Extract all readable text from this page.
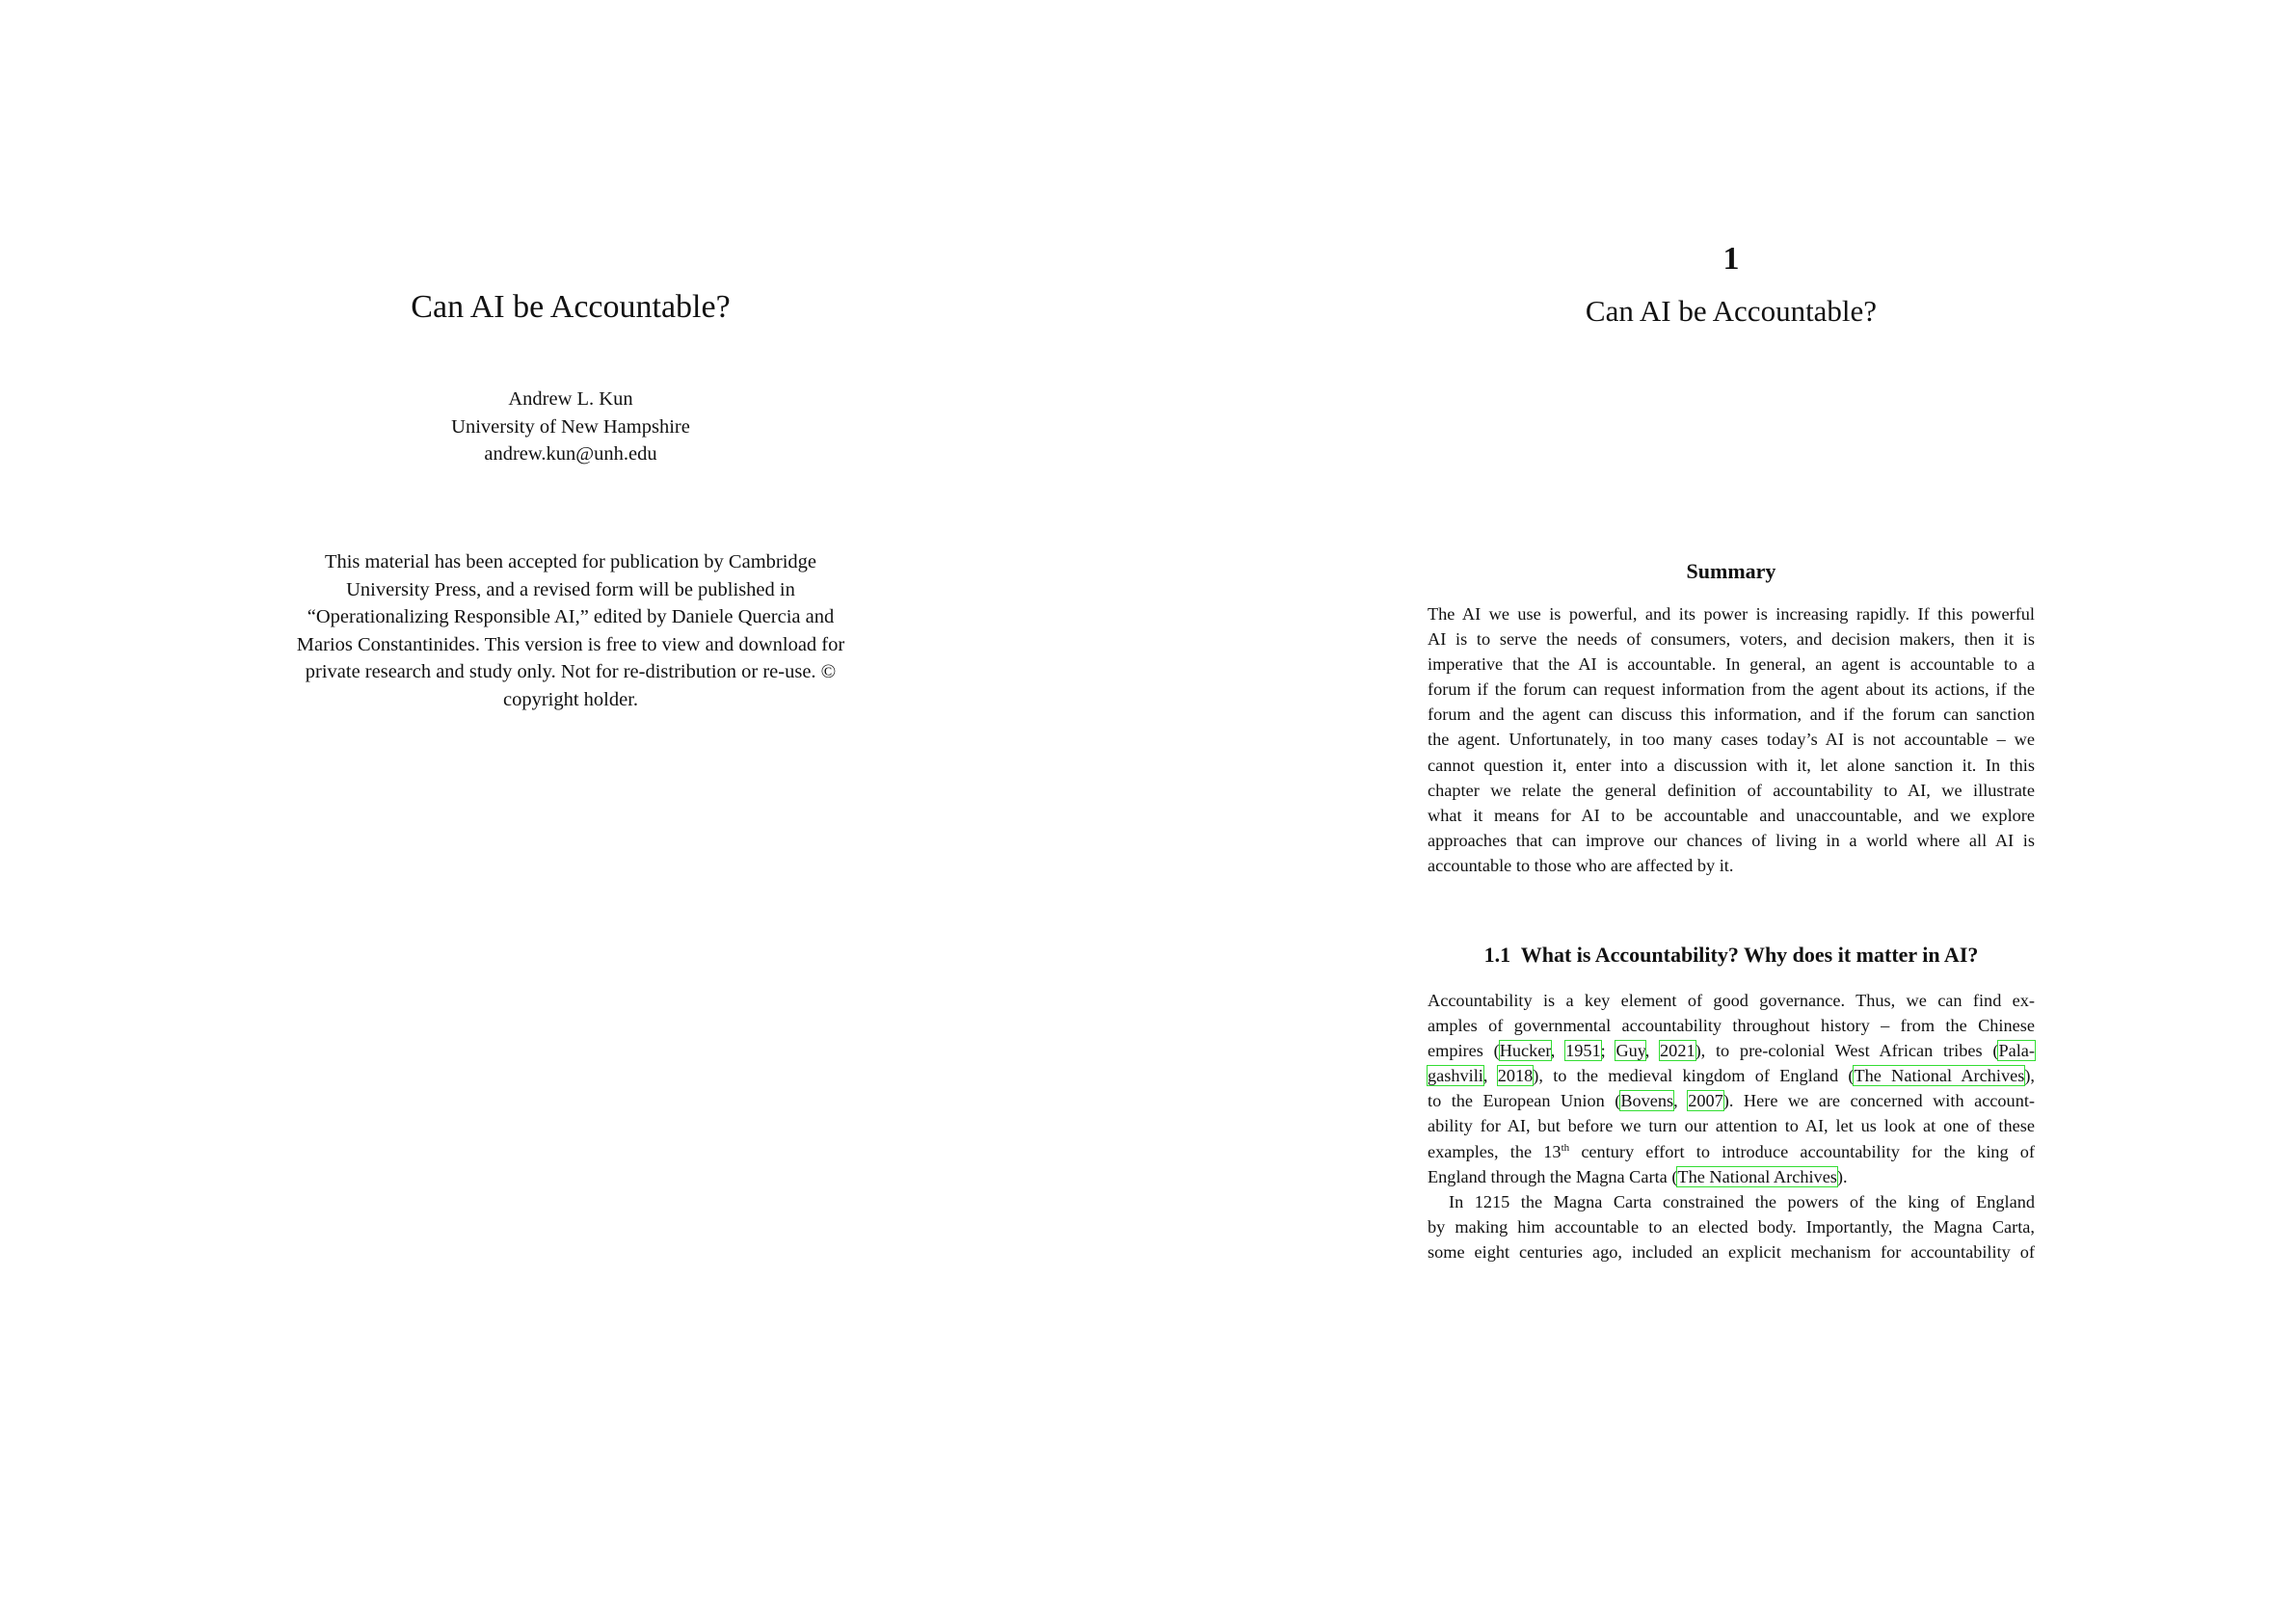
Can AI be Accountable?
Andrew L. Kun
University of New Hampshire
andrew.kun@unh.edu
This material has been accepted for publication by Cambridge
University Press, and a revised form will be published in
“Operationalizing Responsible AI,” edited by Daniele Quercia and
Marios Constantinides. This version is free to view and download for
private research and study only. Not for re-distribution or re-use. ©
copyright holder.
1
Can AI be Accountable?
Summary
The AI we use is powerful, and its power is increasing rapidly. If this powerful
AI is to serve the needs of consumers, voters, and decision makers, then it is
imperative that the AI is accountable. In general, an agent is accountable to a
forum if the forum can request information from the agent about its actions, if the
forum and the agent can discuss this information, and if the forum can sanction
the agent. Unfortunately, in too many cases today’s AI is not accountable – we
cannot question it, enter into a discussion with it, let alone sanction it. In this
chapter we relate the general definition of accountability to AI, we illustrate
what it means for AI to be accountable and unaccountable, and we explore
approaches that can improve our chances of living in a world where all AI is
accountable to those who are affected by it.
1.1  What is Accountability? Why does it matter in AI?
Accountability is a key element of good governance. Thus, we can find ex-
amples of governmental accountability throughout history – from the Chinese
empires (Hucker, 1951; Guy, 2021), to pre-colonial West African tribes (Pala-
gashvili, 2018), to the medieval kingdom of England (The National Archives),
to the European Union (Bovens, 2007). Here we are concerned with account-
ability for AI, but before we turn our attention to AI, let us look at one of these
examples, the 13th century effort to introduce accountability for the king of
England through the Magna Carta (The National Archives).
In 1215 the Magna Carta constrained the powers of the king of England
by making him accountable to an elected body. Importantly, the Magna Carta,
some eight centuries ago, included an explicit mechanism for accountability of
